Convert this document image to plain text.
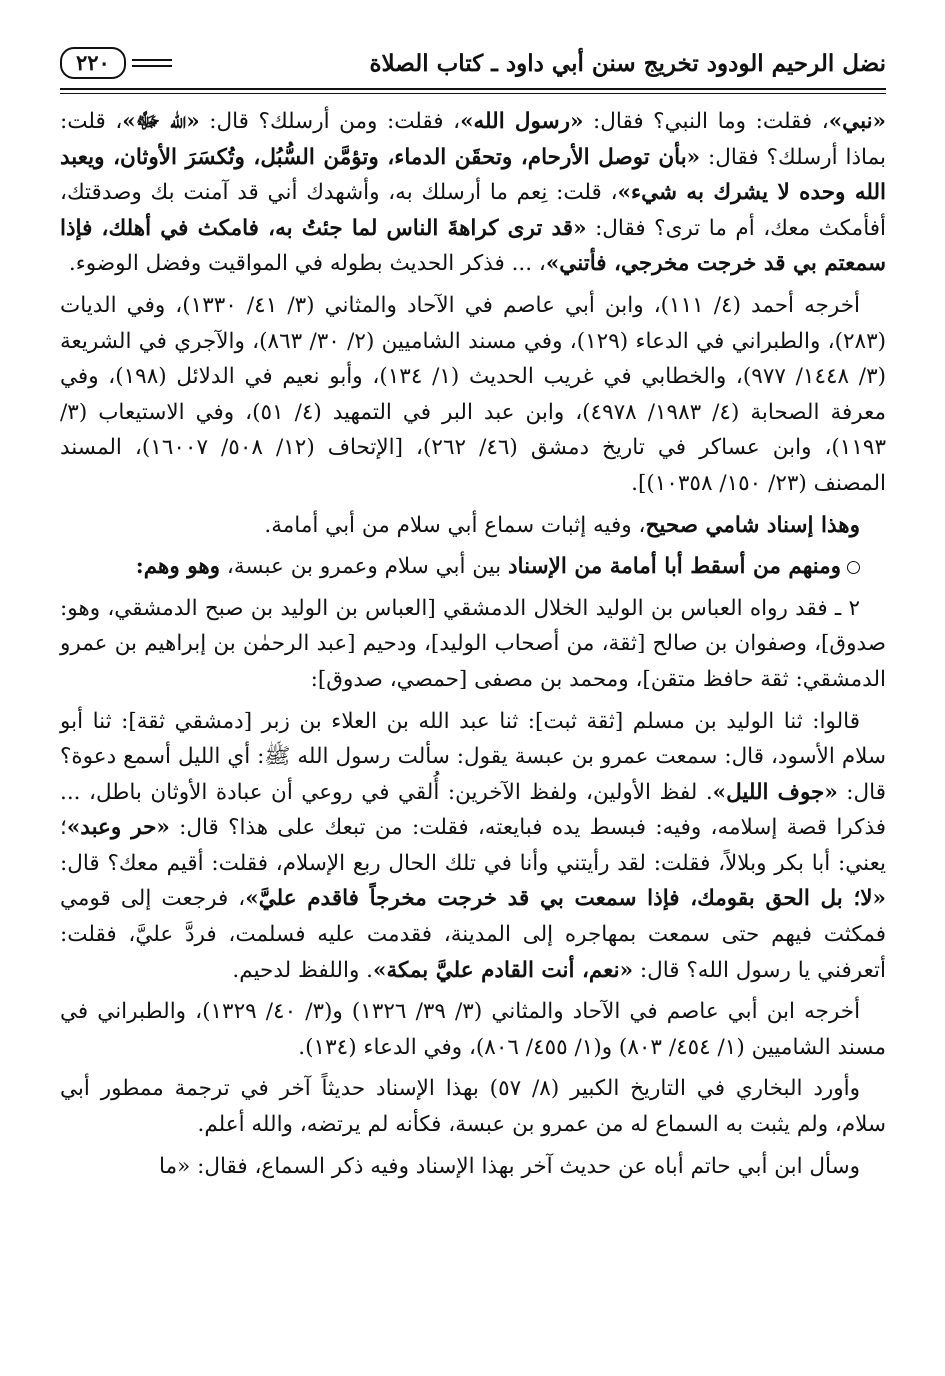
نضل الرحيم الودود تخريج سنن أبي داود ـ كتاب الصلاة
٢٢٠

«نبي»، فقلت: وما النبي؟ فقال: «رسول الله»، فقلت: ومن أرسلك؟ قال: «الله ﷻ»، قلت: بماذا أرسلك؟ فقال: «بأن توصل الأرحام، وتحقَن الدماء، وتؤمَّن السُّبُل، وتُكسَرَ الأوثان، ويعبد الله وحده لا يشرك به شيء»، قلت: نِعم ما أرسلك به، وأشهدك أني قد آمنت بك وصدقتك، أفأمكث معك، أم ما ترى؟ فقال: «قد ترى كراهةَ الناس لما جئتُ به، فامكث في أهلك، فإذا سمعتم بي قد خرجت مخرجي، فأتني»، ... فذكر الحديث بطوله في المواقيت وفضل الوضوء.

أخرجه أحمد (٤/ ١١١)، وابن أبي عاصم في الآحاد والمثاني (٣/ ٤١/ ١٣٣٠)، وفي الديات (٢٨٣)، والطبراني في الدعاء (١٢٩)، وفي مسند الشاميين (٢/ ٣٠/ ٨٦٣)، والآجري في الشريعة (٣/ ١٤٤٨/ ٩٧٧)، والخطابي في غريب الحديث (١/ ١٣٤)، وأبو نعيم في الدلائل (١٩٨)، وفي معرفة الصحابة (٤/ ١٩٨٣/ ٤٩٧٨)، وابن عبد البر في التمهيد (٤/ ٥١)، وفي الاستيعاب (٣/ ١١٩٣)، وابن عساكر في تاريخ دمشق (٤٦/ ٢٦٢)، [الإتحاف (١٢/ ٥٠٨/ ١٦٠٠٧)، المسند المصنف (٢٣/ ١٥٠/ ١٠٣٥٨)].

وهذا إسناد شامي صحيح، وفيه إثبات سماع أبي سلام من أبي أمامة.

ومنهم من أسقط أبا أمامة من الإسناد بين أبي سلام وعمرو بن عبسة، وهو وهم:

٢ ـ فقد رواه العباس بن الوليد الخلال الدمشقي [العباس بن الوليد بن صبح الدمشقي، وهو: صدوق]، وصفوان بن صالح [ثقة، من أصحاب الوليد]، ودحيم [عبد الرحمٰن بن إبراهيم بن عمرو الدمشقي: ثقة حافظ متقن]، ومحمد بن مصفى [حمصي، صدوق]:

قالوا: ثنا الوليد بن مسلم [ثقة ثبت]: ثنا عبد الله بن العلاء بن زبر [دمشقي ثقة]: ثنا أبو سلام الأسود، قال: سمعت عمرو بن عبسة يقول: سألت رسول الله ﷺ: أي الليل أسمع دعوة؟ قال: «جوف الليل». لفظ الأولين، ولفظ الآخرين: أُلقي في روعي أن عبادة الأوثان باطل، ... فذكرا قصة إسلامه، وفيه: فبسط يده فبايعته، فقلت: من تبعك على هذا؟ قال: «حر وعبد»؛ يعني: أبا بكر وبلالاً، فقلت: لقد رأيتني وأنا في تلك الحال ربع الإسلام، فقلت: أقيم معك؟ قال: «لا؛ بل الحق بقومك، فإذا سمعت بي قد خرجت مخرجاً فاقدم عليَّ»، فرجعت إلى قومي فمكثت فيهم حتى سمعت بمهاجره إلى المدينة، فقدمت عليه فسلمت، فردَّ عليَّ، فقلت: أتعرفني يا رسول الله؟ قال: «نعم، أنت القادم عليَّ بمكة». واللفظ لدحيم.

أخرجه ابن أبي عاصم في الآحاد والمثاني (٣/ ٣٩/ ١٣٢٦) و(٣/ ٤٠/ ١٣٢٩)، والطبراني في مسند الشاميين (١/ ٤٥٤/ ٨٠٣) و(١/ ٤٥٥/ ٨٠٦)، وفي الدعاء (١٣٤).

وأورد البخاري في التاريخ الكبير (٨/ ٥٧) بهذا الإسناد حديثاً آخر في ترجمة ممطور أبي سلام، ولم يثبت به السماع له من عمرو بن عبسة، فكأنه لم يرتضه، والله أعلم.

وسأل ابن أبي حاتم أباه عن حديث آخر بهذا الإسناد وفيه ذكر السماع، فقال: «ما
